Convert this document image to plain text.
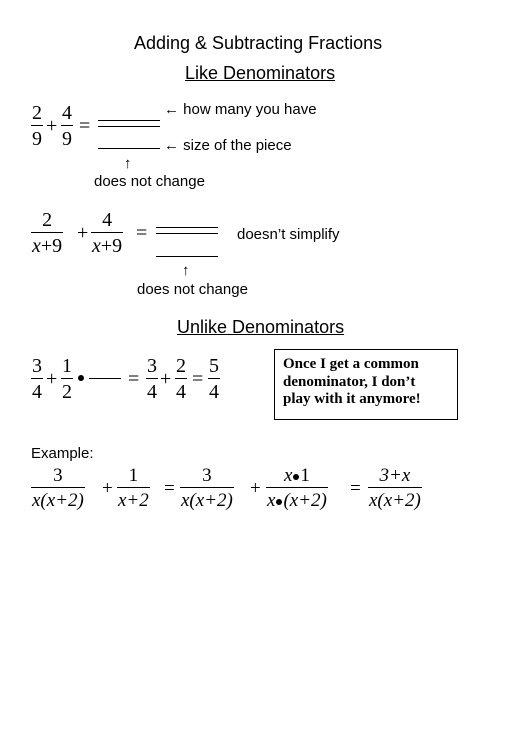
Adding & Subtracting Fractions
Like Denominators
2
9
+
4
9
=
← how many you have
← size of the piece
↑
does not change
2
x+9
+
4
x+9
=	doesn’t simplify
↑
does not change
Unlike Denominators
3
4
+
1
2
=
3
4
+
2
4
=
5
4
Once I get a common
denominator, I don’t
play with it anymore!
Example:
3
x(x+2)
+
1
x+2
=
3
x(x+2)
+
x 1
x (x+2)
=
3+x
x(x+2)
